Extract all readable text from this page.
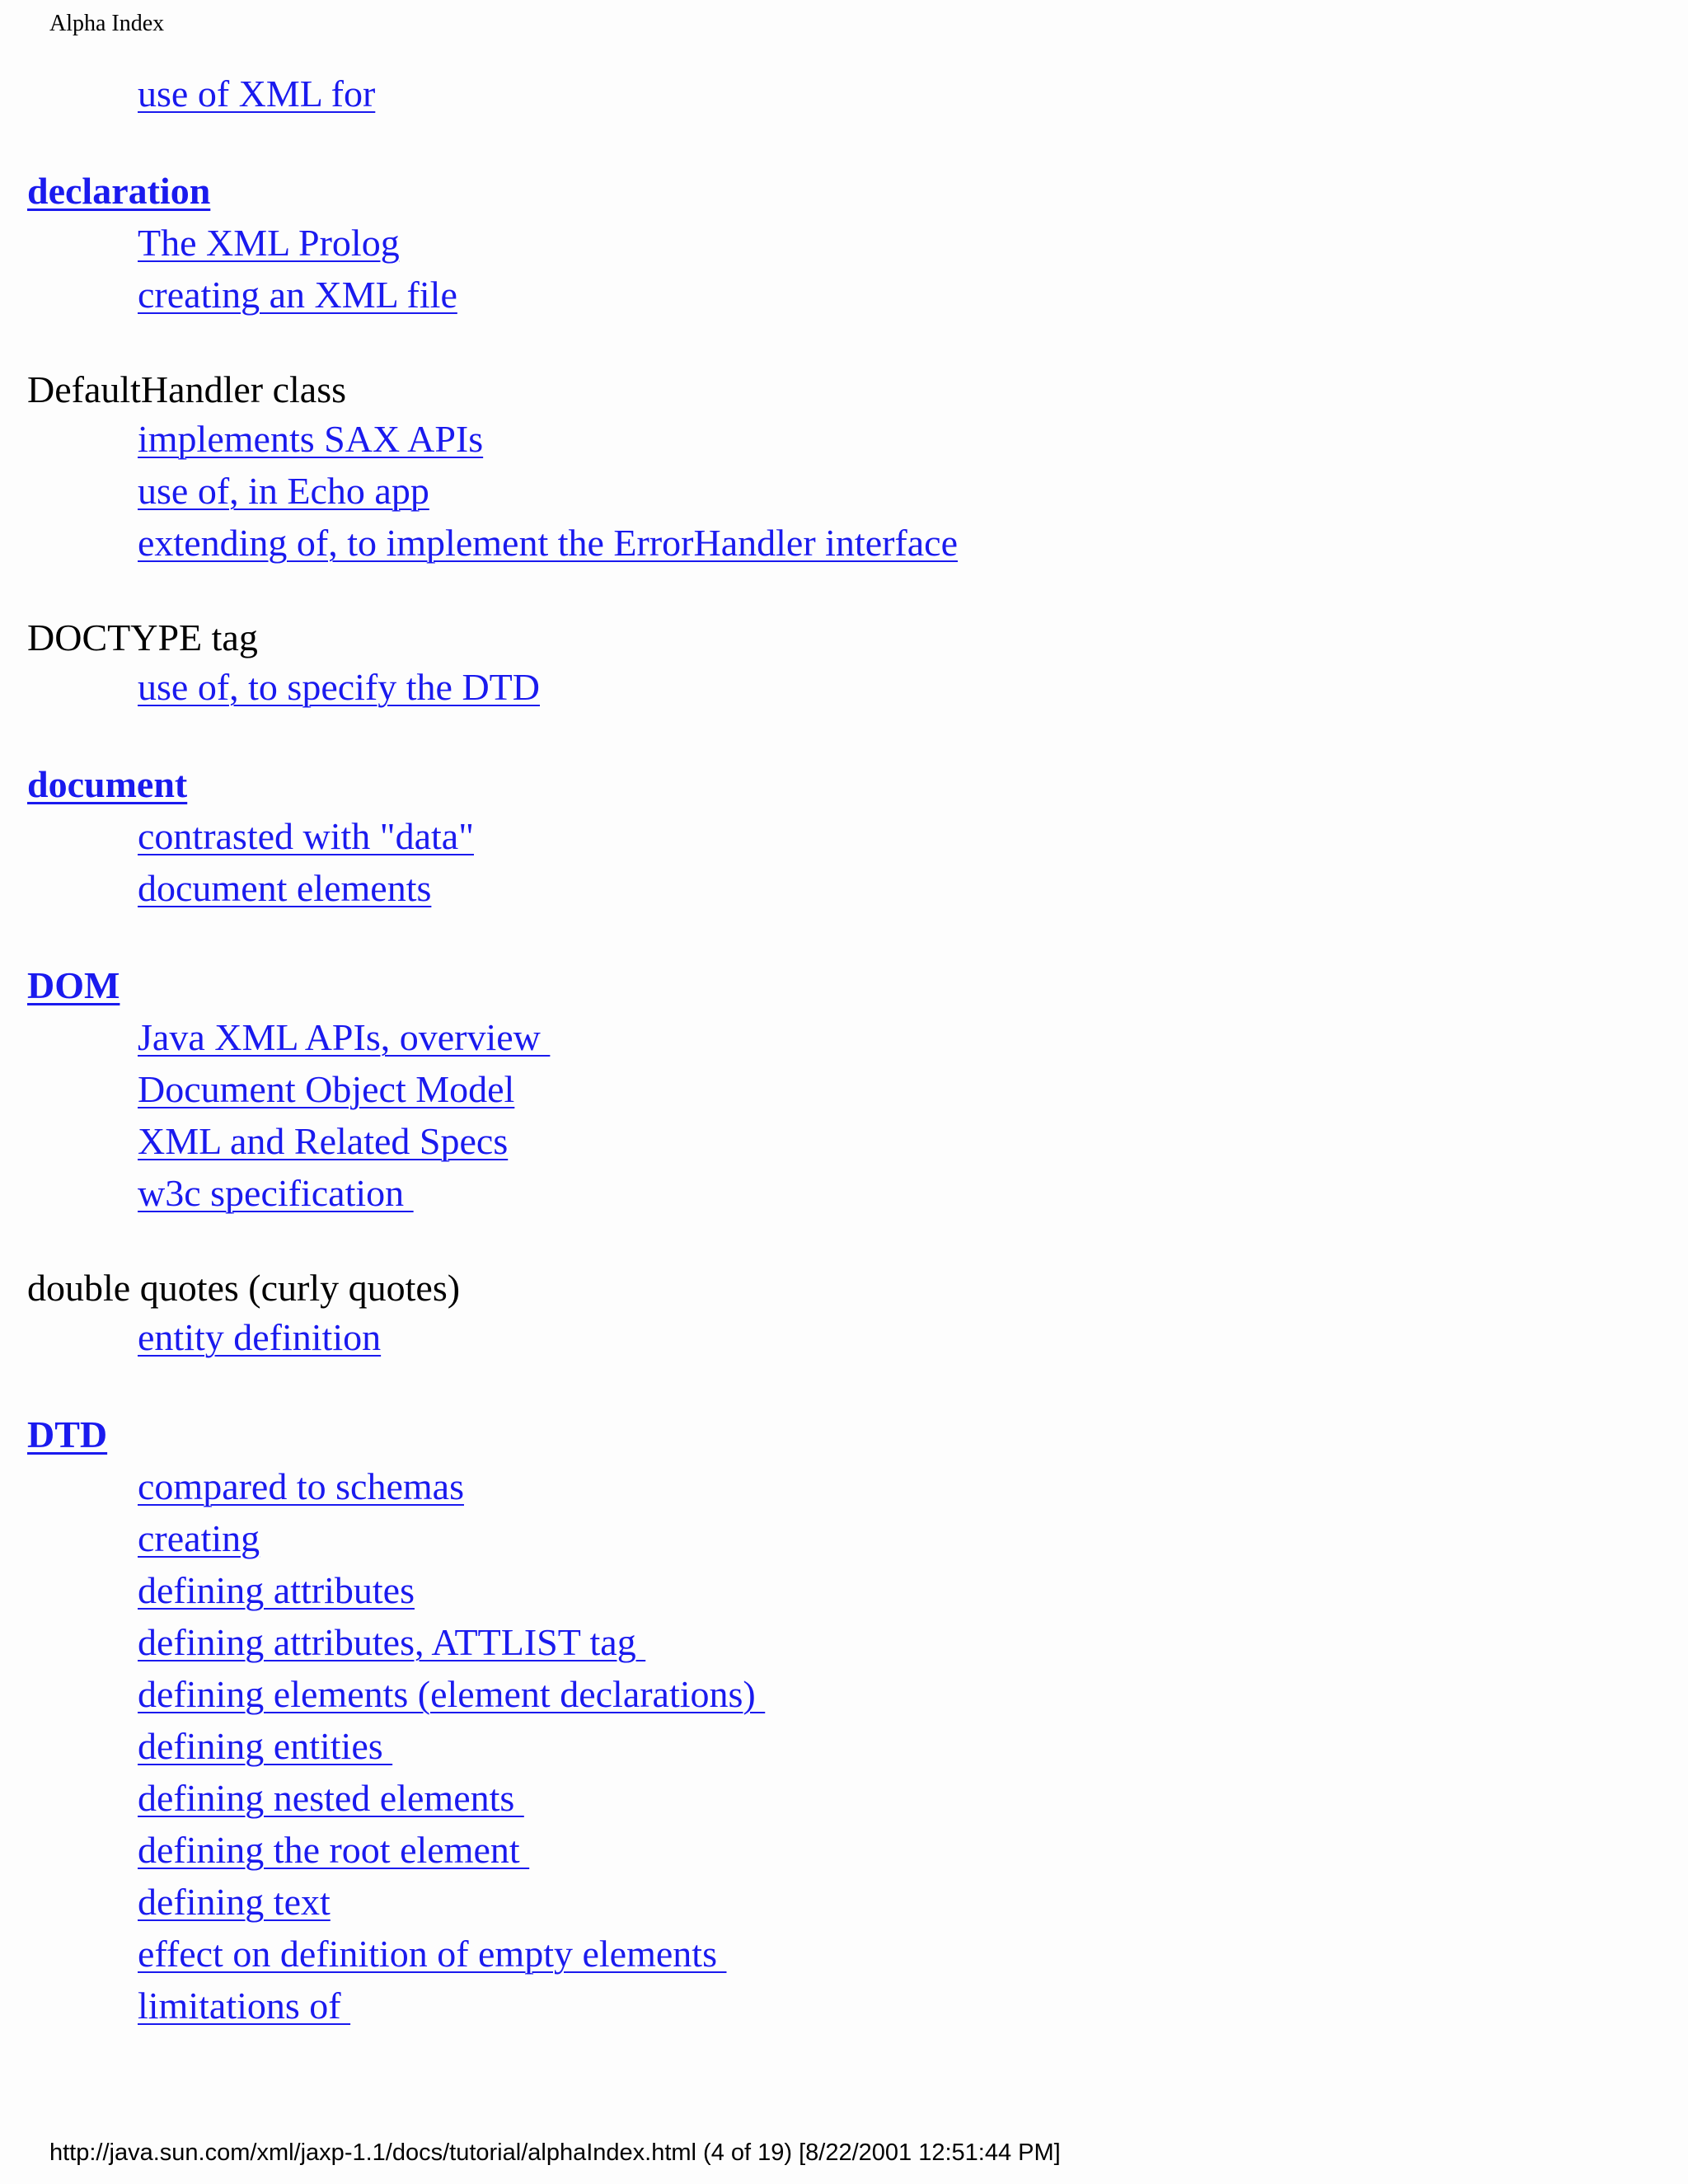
Alpha Index
use of XML for
declaration
The XML Prolog
creating an XML file
DefaultHandler class
implements SAX APIs
use of, in Echo app
extending of, to implement the ErrorHandler interface
DOCTYPE tag
use of, to specify the DTD
document
contrasted with "data"
document elements
DOM
Java XML APIs, overview
Document Object Model
XML and Related Specs
w3c specification
double quotes (curly quotes)
entity definition
DTD
compared to schemas
creating
defining attributes
defining attributes, ATTLIST tag
defining elements (element declarations)
defining entities
defining nested elements
defining the root element
defining text
effect on definition of empty elements
limitations of
http://java.sun.com/xml/jaxp-1.1/docs/tutorial/alphaIndex.html (4 of 19) [8/22/2001 12:51:44 PM]
